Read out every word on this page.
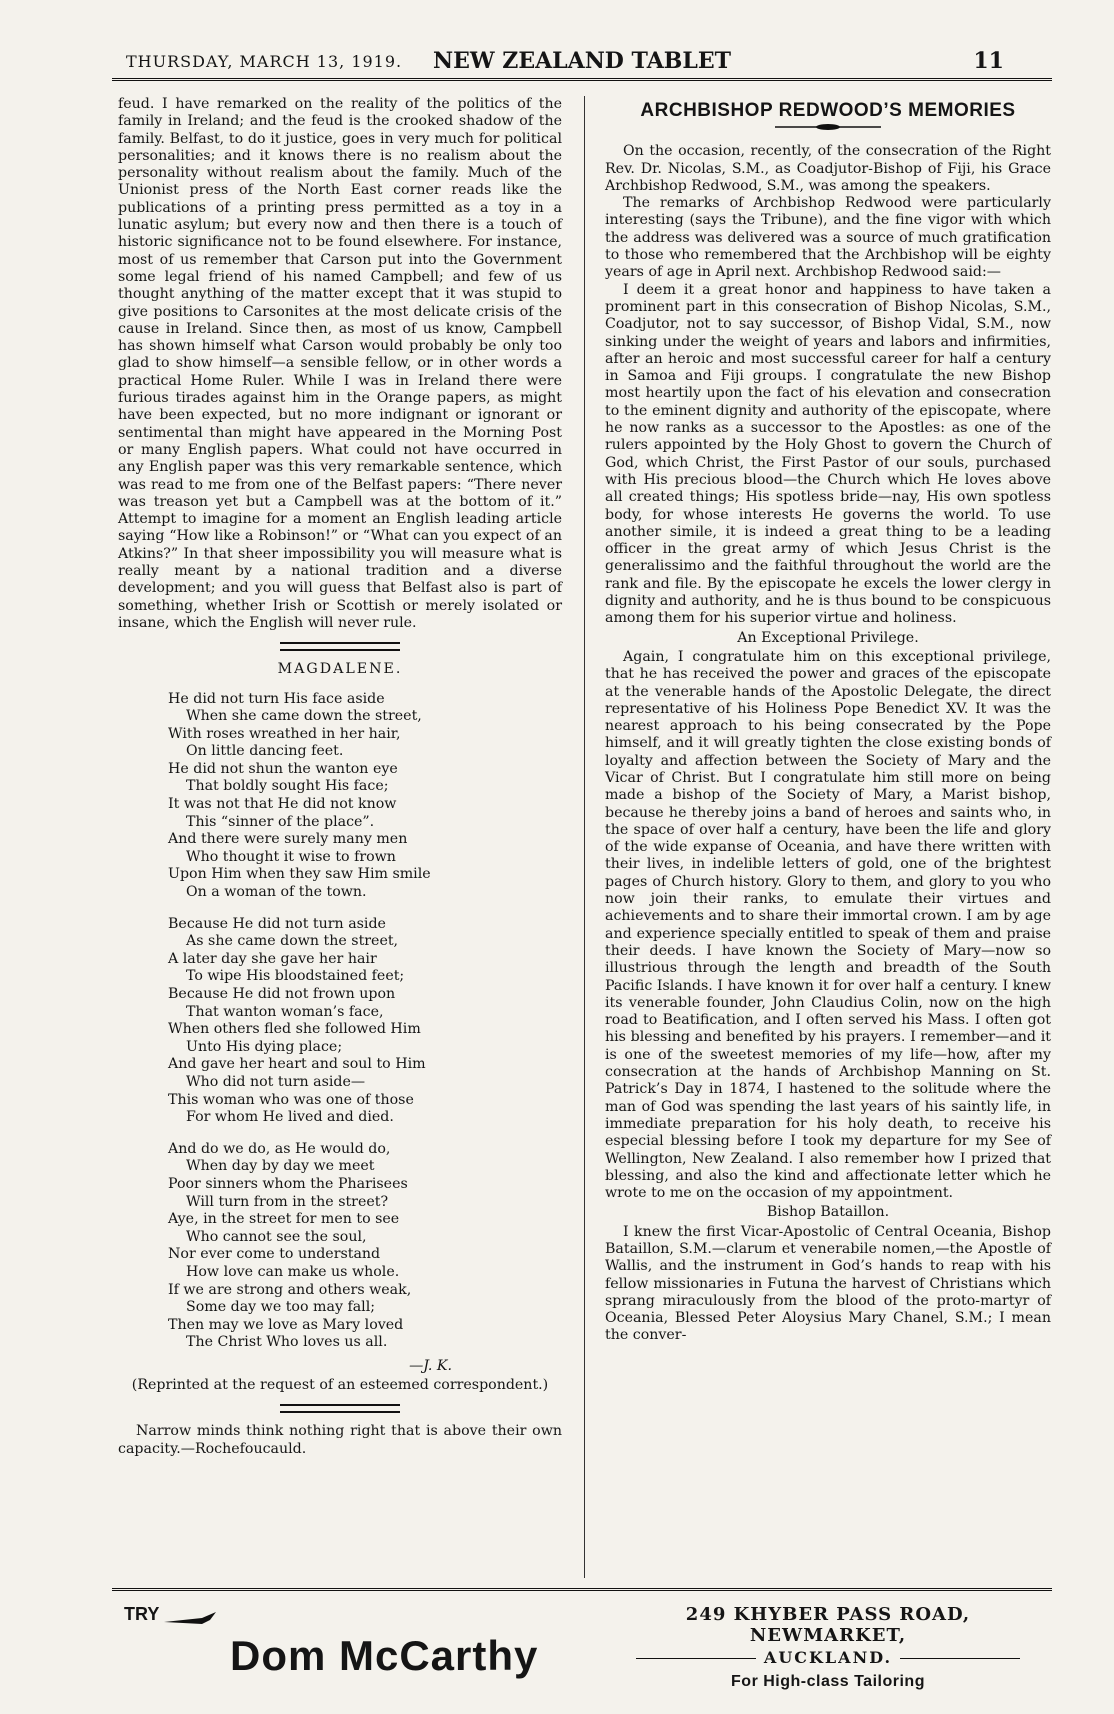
THURSDAY, MARCH 13, 1919.	NEW ZEALAND TABLET	11

feud. I have remarked on the reality of the politics of the family in Ireland; and the feud is the crooked shadow of the family. Belfast, to do it justice, goes in very much for political personalities; and it knows there is no realism about the personality without realism about the family. Much of the Unionist press of the North East corner reads like the publications of a printing press permitted as a toy in a lunatic asylum; but every now and then there is a touch of historic significance not to be found elsewhere. For instance, most of us remember that Carson put into the Government some legal friend of his named Campbell; and few of us thought anything of the matter except that it was stupid to give positions to Carsonites at the most delicate crisis of the cause in Ireland. Since then, as most of us know, Campbell has shown himself what Carson would probably be only too glad to show himself—a sensible fellow, or in other words a practical Home Ruler. While I was in Ireland there were furious tirades against him in the Orange papers, as might have been expected, but no more indignant or ignorant or sentimental than might have appeared in the Morning Post or many English papers. What could not have occurred in any English paper was this very remarkable sentence, which was read to me from one of the Belfast papers: “There never was treason yet but a Campbell was at the bottom of it.” Attempt to imagine for a moment an English leading article saying “How like a Robinson!” or “What can you expect of an Atkins?” In that sheer impossibility you will measure what is really meant by a national tradition and a diverse development; and you will guess that Belfast also is part of something, whether Irish or Scottish or merely isolated or insane, which the English will never rule.

MAGDALENE.
He did not turn His face aside
When she came down the street,
With roses wreathed in her hair,
On little dancing feet.
He did not shun the wanton eye
That boldly sought His face;
It was not that He did not know
This “sinner of the place”.
And there were surely many men
Who thought it wise to frown
Upon Him when they saw Him smile
On a woman of the town.
Because He did not turn aside
As she came down the street,
A later day she gave her hair
To wipe His bloodstained feet;
Because He did not frown upon
That wanton woman’s face,
When others fled she followed Him
Unto His dying place;
And gave her heart and soul to Him
Who did not turn aside—
This woman who was one of those
For whom He lived and died.
And do we do, as He would do,
When day by day we meet
Poor sinners whom the Pharisees
Will turn from in the street?
Aye, in the street for men to see
Who cannot see the soul,
Nor ever come to understand
How love can make us whole.
If we are strong and others weak,
Some day we too may fall;
Then may we love as Mary loved
The Christ Who loves us all.
—J. K.
(Reprinted at the request of an esteemed correspondent.)

Narrow minds think nothing right that is above their own capacity.—Rochefoucauld.

ARCHBISHOP REDWOOD’S MEMORIES

On the occasion, recently, of the consecration of the Right Rev. Dr. Nicolas, S.M., as Coadjutor-Bishop of Fiji, his Grace Archbishop Redwood, S.M., was among the speakers.

The remarks of Archbishop Redwood were particularly interesting (says the Tribune), and the fine vigor with which the address was delivered was a source of much gratification to those who remembered that the Archbishop will be eighty years of age in April next. Archbishop Redwood said:—

I deem it a great honor and happiness to have taken a prominent part in this consecration of Bishop Nicolas, S.M., Coadjutor, not to say successor, of Bishop Vidal, S.M., now sinking under the weight of years and labors and infirmities, after an heroic and most successful career for half a century in Samoa and Fiji groups. I congratulate the new Bishop most heartily upon the fact of his elevation and consecration to the eminent dignity and authority of the episcopate, where he now ranks as a successor to the Apostles: as one of the rulers appointed by the Holy Ghost to govern the Church of God, which Christ, the First Pastor of our souls, purchased with His precious blood—the Church which He loves above all created things; His spotless bride—nay, His own spotless body, for whose interests He governs the world. To use another simile, it is indeed a great thing to be a leading officer in the great army of which Jesus Christ is the generalissimo and the faithful throughout the world are the rank and file. By the episcopate he excels the lower clergy in dignity and authority, and he is thus bound to be conspicuous among them for his superior virtue and holiness.

An Exceptional Privilege.

Again, I congratulate him on this exceptional privilege, that he has received the power and graces of the episcopate at the venerable hands of the Apostolic Delegate, the direct representative of his Holiness Pope Benedict XV. It was the nearest approach to his being consecrated by the Pope himself, and it will greatly tighten the close existing bonds of loyalty and affection between the Society of Mary and the Vicar of Christ. But I congratulate him still more on being made a bishop of the Society of Mary, a Marist bishop, because he thereby joins a band of heroes and saints who, in the space of over half a century, have been the life and glory of the wide expanse of Oceania, and have there written with their lives, in indelible letters of gold, one of the brightest pages of Church history. Glory to them, and glory to you who now join their ranks, to emulate their virtues and achievements and to share their immortal crown. I am by age and experience specially entitled to speak of them and praise their deeds. I have known the Society of Mary—now so illustrious through the length and breadth of the South Pacific Islands. I have known it for over half a century. I knew its venerable founder, John Claudius Colin, now on the high road to Beatification, and I often served his Mass. I often got his blessing and benefited by his prayers. I remember—and it is one of the sweetest memories of my life—how, after my consecration at the hands of Archbishop Manning on St. Patrick’s Day in 1874, I hastened to the solitude where the man of God was spending the last years of his saintly life, in immediate preparation for his holy death, to receive his especial blessing before I took my departure for my See of Wellington, New Zealand. I also remember how I prized that blessing, and also the kind and affectionate letter which he wrote to me on the occasion of my appointment.

Bishop Bataillon.

I knew the first Vicar-Apostolic of Central Oceania, Bishop Bataillon, S.M.—clarum et venerabile nomen,—the Apostle of Wallis, and the instrument in God’s hands to reap with his fellow missionaries in Futuna the harvest of Christians which sprang miraculously from the blood of the proto-martyr of Oceania, Blessed Peter Aloysius Mary Chanel, S.M.; I mean the conver-

TRY
Dom McCarthy
249 KHYBER PASS ROAD, NEWMARKET,
AUCKLAND.
For High-class Tailoring
